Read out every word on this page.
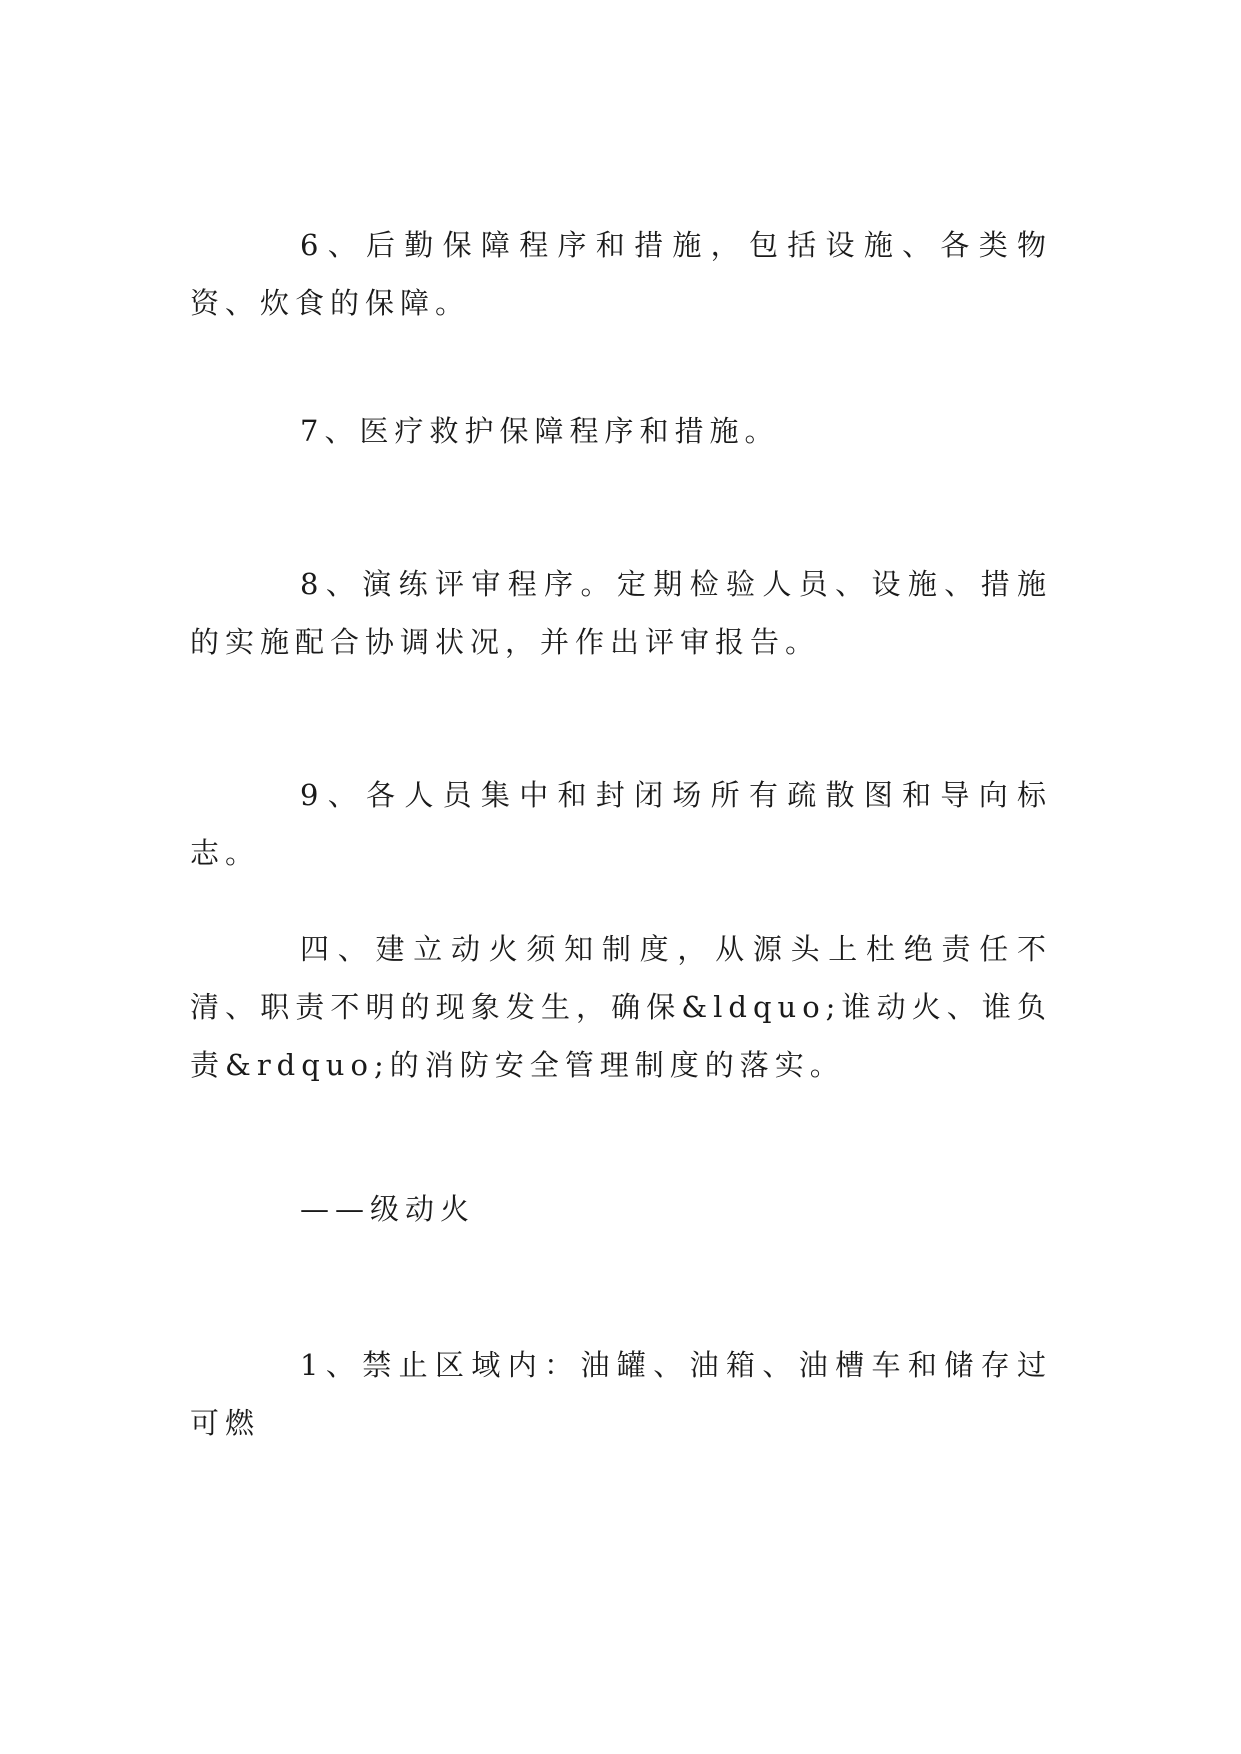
6、后勤保障程序和措施，包括设施、各类物资、炊食的保障。

7、医疗救护保障程序和措施。

8、演练评审程序。定期检验人员、设施、措施的实施配合协调状况，并作出评审报告。

9、各人员集中和封闭场所有疏散图和导向标志。

四、建立动火须知制度，从源头上杜绝责任不清、职责不明的现象发生，确保&ldquo;谁动火、谁负责&rdquo;的消防安全管理制度的落实。

——级动火

1、禁止区域内：油罐、油箱、油槽车和储存过可燃
